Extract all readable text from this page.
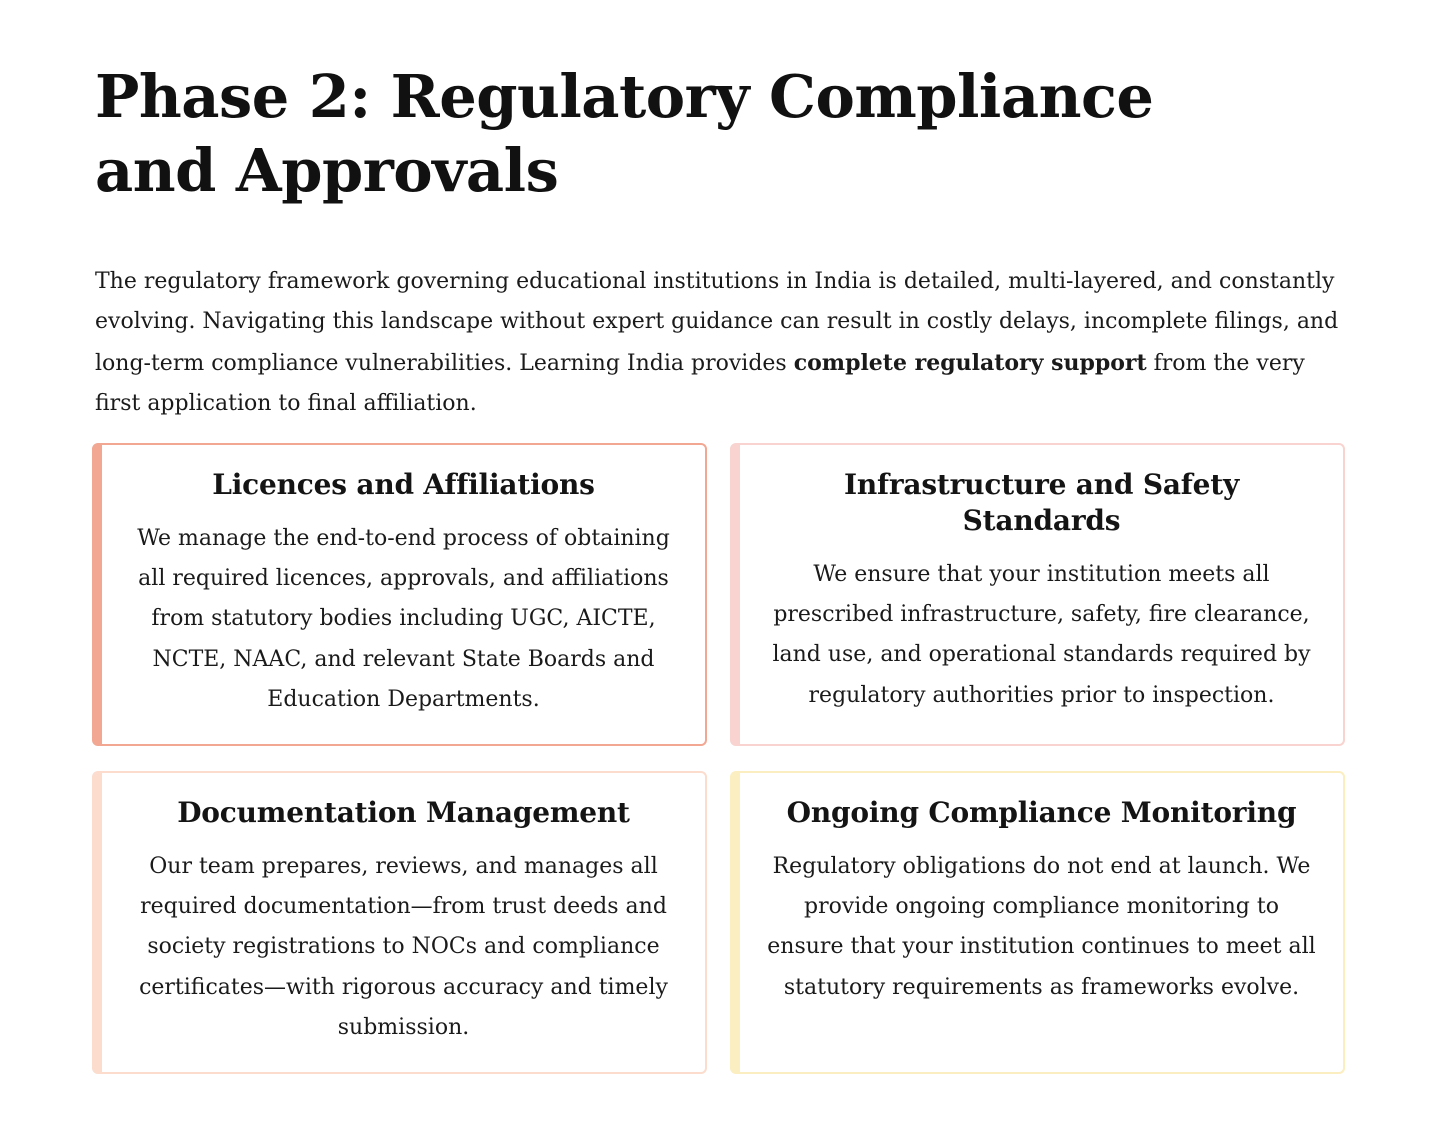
Phase 2: Regulatory Compliance and Approvals

The regulatory framework governing educational institutions in India is detailed, multi-layered, and constantly evolving. Navigating this landscape without expert guidance can result in costly delays, incomplete filings, and long-term compliance vulnerabilities. Learning India provides complete regulatory support from the very first application to final affiliation.

Licences and Affiliations

We manage the end-to-end process of obtaining all required licences, approvals, and affiliations from statutory bodies including UGC, AICTE, NCTE, NAAC, and relevant State Boards and Education Departments.

Infrastructure and Safety Standards

We ensure that your institution meets all prescribed infrastructure, safety, fire clearance, land use, and operational standards required by regulatory authorities prior to inspection.

Documentation Management

Our team prepares, reviews, and manages all required documentation—from trust deeds and society registrations to NOCs and compliance certificates—with rigorous accuracy and timely submission.

Ongoing Compliance Monitoring

Regulatory obligations do not end at launch. We provide ongoing compliance monitoring to ensure that your institution continues to meet all statutory requirements as frameworks evolve.
